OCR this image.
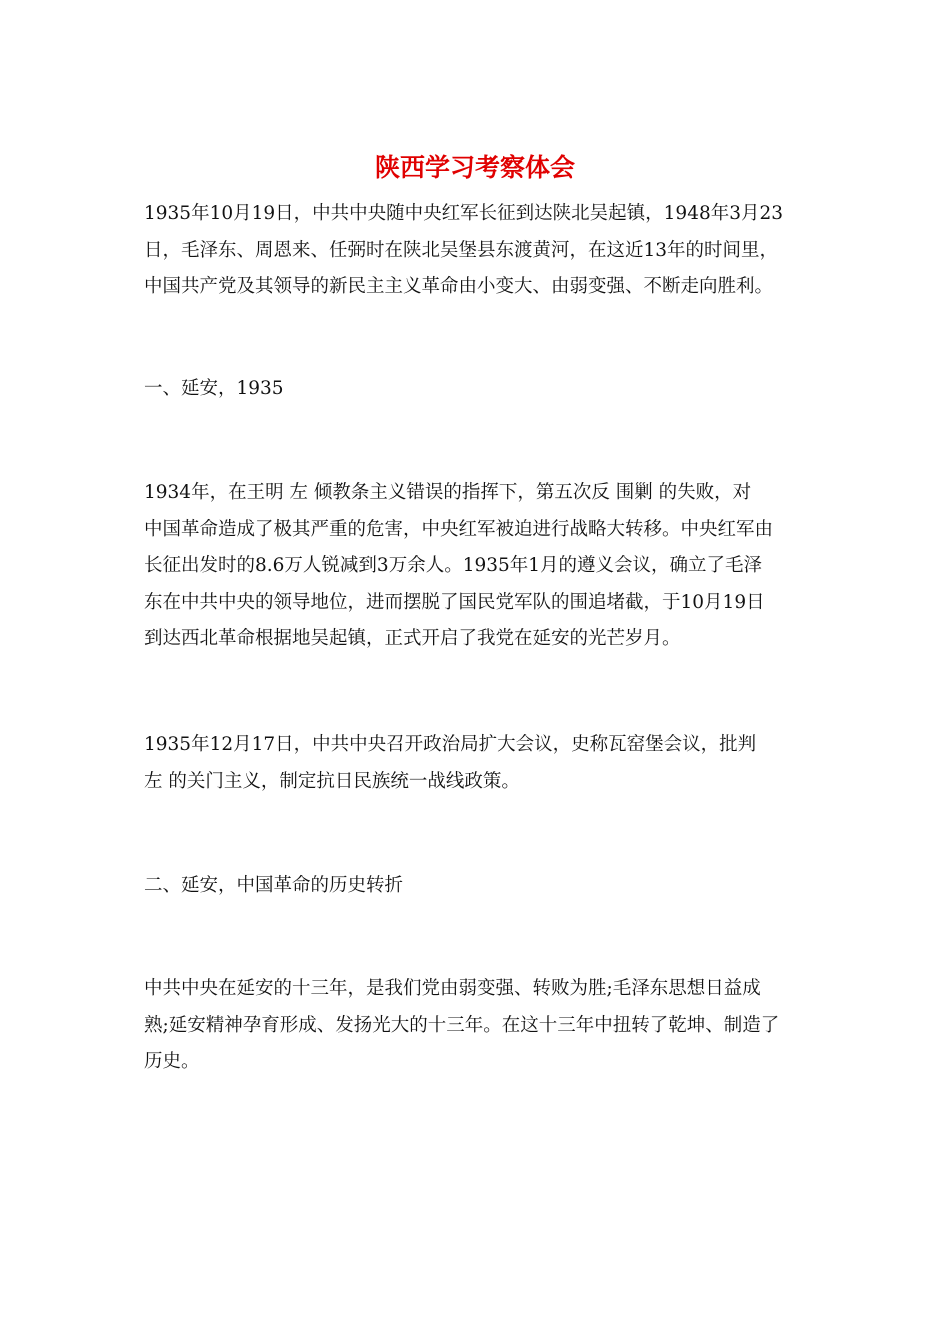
陕西学习考察体会

1935年10月19日，中共中央随中央红军长征到达陕北吴起镇，1948年3月23
日，毛泽东、周恩来、任弼时在陕北吴堡县东渡黄河，在这近13年的时间里，
中国共产党及其领导的新民主主义革命由小变大、由弱变强、不断走向胜利。

一、延安，1935

1934年，在王明 左 倾教条主义错误的指挥下，第五次反 围剿 的失败，对
中国革命造成了极其严重的危害，中央红军被迫进行战略大转移。中央红军由
长征出发时的8.6万人锐减到3万余人。1935年1月的遵义会议，确立了毛泽
东在中共中央的领导地位，进而摆脱了国民党军队的围追堵截，于10月19日
到达西北革命根据地吴起镇，正式开启了我党在延安的光芒岁月。

1935年12月17日，中共中央召开政治局扩大会议，史称瓦窑堡会议，批判
左 的关门主义，制定抗日民族统一战线政策。

二、延安，中国革命的历史转折

中共中央在延安的十三年，是我们党由弱变强、转败为胜;毛泽东思想日益成
熟;延安精神孕育形成、发扬光大的十三年。在这十三年中扭转了乾坤、制造了
历史。
